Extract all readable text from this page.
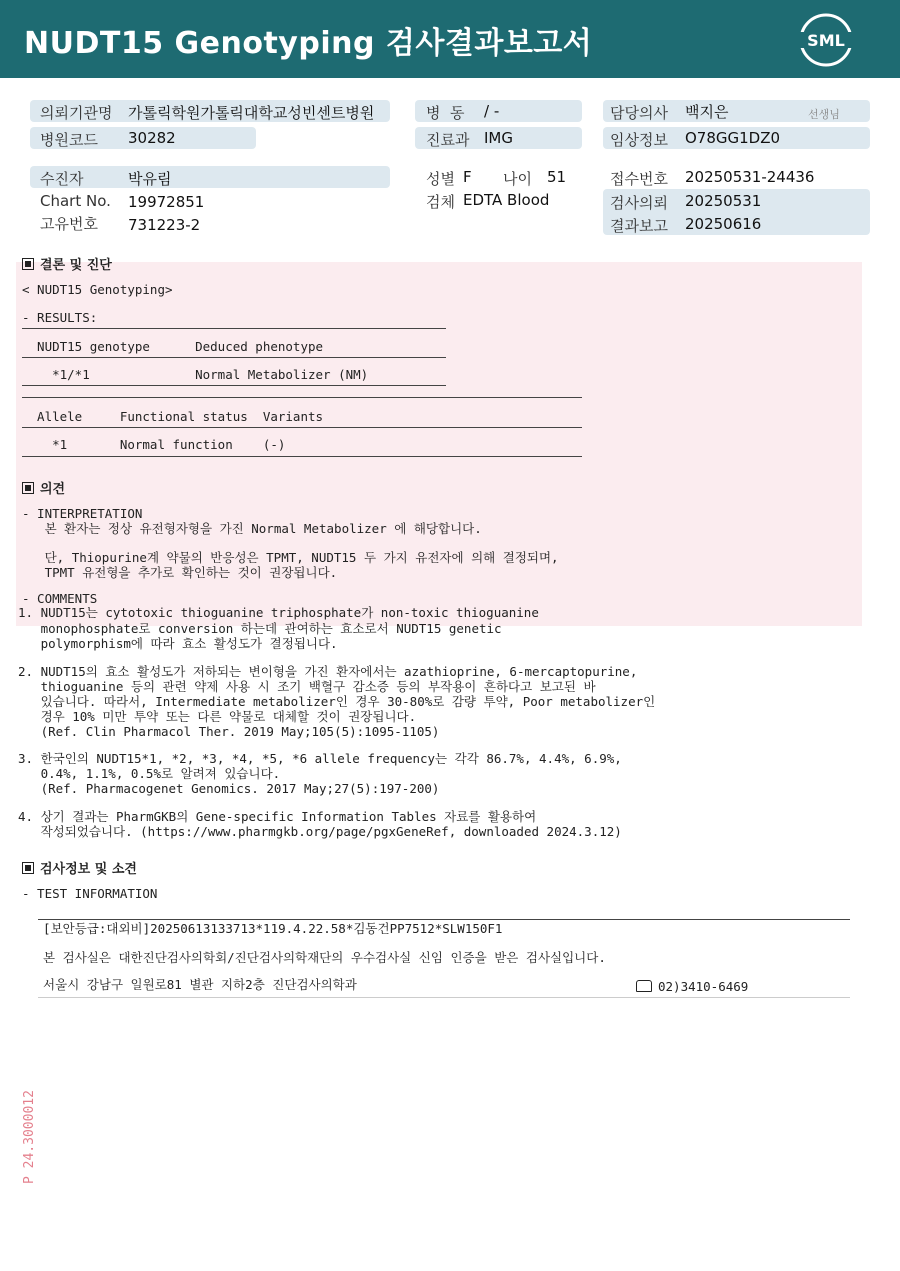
NUDT15 Genotyping 검사결과보고서	SML
의뢰기관명 가톨릭학원가톨릭대학교성빈센트병원
병원코드 30282
병  동 / -
진료과 IMG
담당의사 백지은	선생님
임상정보 O78GG1DZ0
수진자	박유림
Chart No. 19972851
고유번호 731223-2
성별 F 나이 51
검체 EDTA Blood
접수번호 20250531-24436
검사의뢰 20250531
결과보고 20250616
결론 및 진단
< NUDT15 Genotyping>
- RESULTS:
NUDT15 genotype      Deduced phenotype
*1/*1              Normal Metabolizer (NM)
Allele     Functional status  Variants
*1       Normal function    (-)
의견
- INTERPRETATION
본 환자는 정상 유전형자형을 가진 Normal Metabolizer 에 해당합니다.
단, Thiopurine계 약물의 반응성은 TPMT, NUDT15 두 가지 유전자에 의해 결정되며,
TPMT 유전형을 추가로 확인하는 것이 권장됩니다.
- COMMENTS
1. NUDT15는 cytotoxic thioguanine triphosphate가 non-toxic thioguanine
monophosphate로 conversion 하는데 관여하는 효소로서 NUDT15 genetic
polymorphism에 따라 효소 활성도가 결정됩니다.
2. NUDT15의 효소 활성도가 저하되는 변이형을 가진 환자에서는 azathioprine, 6-mercaptopurine,
thioguanine 등의 관련 약제 사용 시 조기 백혈구 감소증 등의 부작용이 흔하다고 보고된 바
있습니다. 따라서, Intermediate metabolizer인 경우 30-80%로 감량 투약, Poor metabolizer인
경우 10% 미만 투약 또는 다른 약물로 대체할 것이 권장됩니다.
(Ref. Clin Pharmacol Ther. 2019 May;105(5):1095-1105)
3. 한국인의 NUDT15*1, *2, *3, *4, *5, *6 allele frequency는 각각 86.7%, 4.4%, 6.9%,
0.4%, 1.1%, 0.5%로 알려져 있습니다.
(Ref. Pharmacogenet Genomics. 2017 May;27(5):197-200)
4. 상기 결과는 PharmGKB의 Gene-specific Information Tables 자료를 활용하여
작성되었습니다. (https://www.pharmgkb.org/page/pgxGeneRef, downloaded 2024.3.12)
검사정보 및 소견
- TEST INFORMATION
[보안등급:대외비]20250613133713*119.4.22.58*김동건PP7512*SLW150F1
본 검사실은 대한진단검사의학회/진단검사의학재단의 우수검사실 신임 인증을 받은 검사실입니다.
서울시 강남구 일원로81 별관 지하2층 진단검사의학과	02)3410-6469
P 24.3000012
